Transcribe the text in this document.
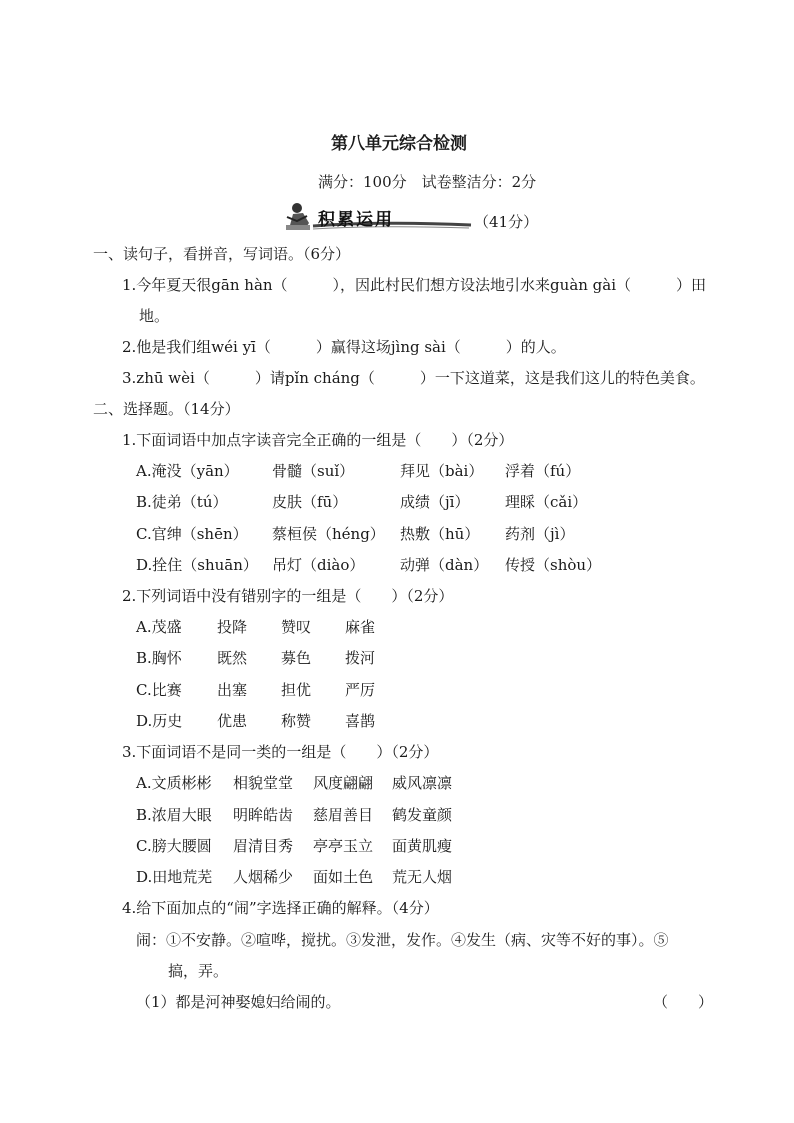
第八单元综合检测
满分：100分　试卷整洁分：2分
积累运用	（41分）
一、读句子，看拼音，写词语。（6分）
1.今年夏天很gān hàn（　　　），因此村民们想方设法地引水来guàn gài（　　　）田
地。
2.他是我们组wéi yī（　　　）赢得这场jìng sài（　　　）的人。
3.zhū wèi（　　　）请pǐn cháng（　　　）一下这道菜，这是我们这儿的特色美食。
二、选择题。（14分）
1.下面词语中加点字读音完全正确的一组是（　　）（2分）
A.淹没（yān） 骨髓（suǐ）	拜见（bài） 浮着（fú）
B.徒弟（tú）	皮肤（fū）	成绩（jī） 理睬（cǎi）
C.官绅（shēn） 蔡桓侯（héng） 热敷（hū） 药剂（jì）
D.拴住（shuān） 吊灯（diào） 动弹（dàn） 传授（shòu）
2.下列词语中没有错别字的一组是（　　）（2分）
A.茂盛 投降 赞叹 麻雀
B.胸怀 既然 募色 拨河
C.比赛 出塞 担优 严厉
D.历史 优患 称赞 喜鹊
3.下面词语不是同一类的一组是（　　）（2分）
A.文质彬彬 相貌堂堂 风度翩翩 威风凛凛
B.浓眉大眼 明眸皓齿 慈眉善目 鹤发童颜
C.膀大腰圆 眉清目秀 亭亭玉立 面黄肌瘦
D.田地荒芜 人烟稀少 面如土色 荒无人烟
4.给下面加点的“闹”字选择正确的解释。（4分）
闹：①不安静。②喧哗，搅扰。③发泄，发作。④发生（病、灾等不好的事）。⑤
搞，弄。
（1）都是河神娶媳妇给闹的。	（　　）
